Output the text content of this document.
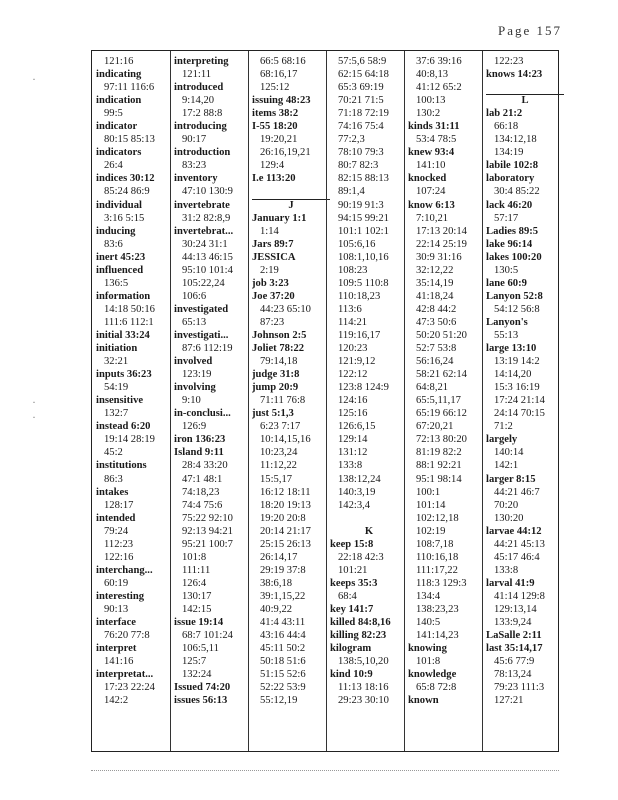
Page 157
·
·
·
121:16
indicating
97:11 116:6
indication
99:5
indicator
80:15 85:13
indicators
26:4
indices 30:12
85:24 86:9
individual
3:16 5:15
inducing
83:6
inert 45:23
influenced
136:5
information
14:18 50:16
111:6 112:1
initial 33:24
initiation
32:21
inputs 36:23
54:19
insensitive
132:7
instead 6:20
19:14 28:19
45:2
institutions
86:3
intakes
128:17
intended
79:24
112:23
122:16
interchang...
60:19
interesting
90:13
interface
76:20 77:8
interpret
141:16
interpretat...
17:23 22:24
142:2
interpreting
121:11
introduced
9:14,20
17:2 88:8
introducing
90:17
introduction
83:23
inventory
47:10 130:9
invertebrate
31:2 82:8,9
invertebrat...
30:24 31:1
44:13 46:15
95:10 101:4
105:22,24
106:6
investigated
65:13
investigati...
87:6 112:19
involved
123:19
involving
9:10
in-conclusi...
126:9
iron 136:23
Island 9:11
28:4 33:20
47:1 48:1
74:18,23
74:4 75:6
75:22 92:10
92:13 94:21
95:21 100:7
101:8
111:11
126:4
130:17
142:15
issue 19:14
68:7 101:24
106:5,11
125:7
132:24
Issued 74:20
issues 56:13
66:5 68:16
68:16,17
125:12
issuing 48:23
items 38:2
I-55 18:20
19:20,21
26:16,19,21
129:4
I.e 113:20

J
January 1:1
1:14
Jars 89:7
JESSICA
2:19
job 3:23
Joe 37:20
44:23 65:10
87:23
Johnson 2:5
Joliet 78:22
79:14,18
judge 31:8
jump 20:9
71:11 76:8
just 5:1,3
6:23 7:17
10:14,15,16
10:23,24
11:12,22
15:5,17
16:12 18:11
18:20 19:13
19:20 20:8
20:14 21:17
25:15 26:13
26:14,17
29:19 37:8
38:6,18
39:1,15,22
40:9,22
41:4 43:11
43:16 44:4
45:11 50:2
50:18 51:6
51:15 52:6
52:22 53:9
55:12,19
57:5,6 58:9
62:15 64:18
65:3 69:19
70:21 71:5
71:18 72:19
74:16 75:4
77:2,3
78:10 79:3
80:7 82:3
82:15 88:13
89:1,4
90:19 91:3
94:15 99:21
101:1 102:1
105:6,16
108:1,10,16
108:23
109:5 110:8
110:18,23
113:6
114:21
119:16,17
120:23
121:9,12
122:12
123:8 124:9
124:16
125:16
126:6,15
129:14
131:12
133:8
138:12,24
140:3,19
142:3,4

K
keep 15:8
22:18 42:3
101:21
keeps 35:3
68:4
key 141:7
killed 84:8,16
killing 82:23
kilogram
138:5,10,20
kind 10:9
11:13 18:16
29:23 30:10
37:6 39:16
40:8,13
41:12 65:2
100:13
130:2
kinds 31:11
53:4 78:5
knew 93:4
141:10
knocked
107:24
know 6:13
7:10,21
17:13 20:14
22:14 25:19
30:9 31:16
32:12,22
35:14,19
41:18,24
42:8 44:2
47:3 50:6
50:20 51:20
52:7 53:8
56:16,24
58:21 62:14
64:8,21
65:5,11,17
65:19 66:12
67:20,21
72:13 80:20
81:19 82:2
88:1 92:21
95:1 98:14
100:1
101:14
102:12,18
102:19
108:7,18
110:16,18
111:17,22
118:3 129:3
134:4
138:23,23
140:5
141:14,23
knowing
101:8
knowledge
65:8 72:8
known
122:23
knows 14:23

L
lab 21:2
66:18
134:12,18
134:19
labile 102:8
laboratory
30:4 85:22
lack 46:20
57:17
Ladies 89:5
lake 96:14
lakes 100:20
130:5
lane 60:9
Lanyon 52:8
54:12 56:8
Lanyon's
55:13
large 13:10
13:19 14:2
14:14,20
15:3 16:19
17:24 21:14
24:14 70:15
71:2
largely
140:14
142:1
larger 8:15
44:21 46:7
70:20
130:20
larvae 44:12
44:21 45:13
45:17 46:4
133:8
larval 41:9
41:14 129:8
129:13,14
133:9,24
LaSalle 2:11
last 35:14,17
45:6 77:9
78:13,24
79:23 111:3
127:21
